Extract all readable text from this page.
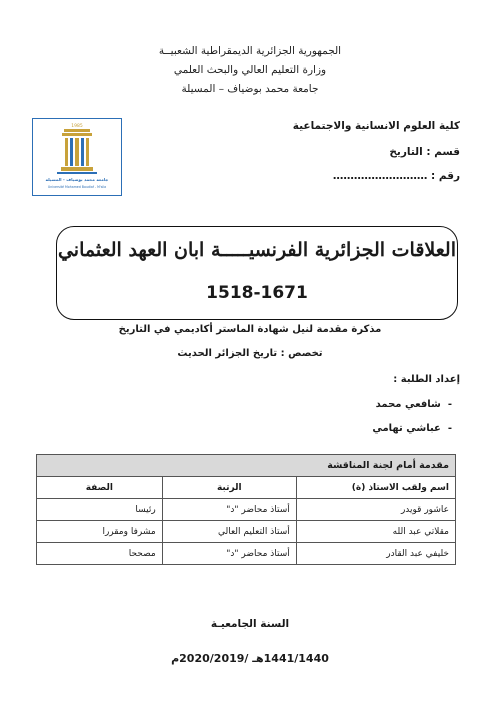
الجمهورية الجزائرية الديمقراطية الشعبيــة
وزارة التعليم العالي والبحث العلمي
جامعة محمد بوضياف – المسيلة
1985
جامعة محمد بوضياف - المسيلة
Université Mohamed Boudiaf - M'sila
كلية العلوم الانسانية والاجتماعية
قسم : التاريخ
رقم : ………………………
العلاقات الجزائرية الفرنسيـــــة ابان العهد العثماني
1518-1671
مذكرة مقدمة لنيل شهادة الماستر أكاديمي في التاريخ
تخصص : تاريخ الجزائر الحديث
إعداد الطلبة :
-  شافعي محمد
-  عباشي تهامي
مقدمة أمام لجنة المناقشة		
اسم ولقب الاستاذ (ة)	الرتبة	الصفة
عاشور قويدر	أستاذ محاضر "د"	رئيسا
مقلاتي عبد الله	أستاذ التعليم العالي	مشرفا ومقررا
خليفي عبد القادر	أستاذ محاضر "د"	مصححا
السنة الجامعيـة
1441/1440هـ /2020/2019م
